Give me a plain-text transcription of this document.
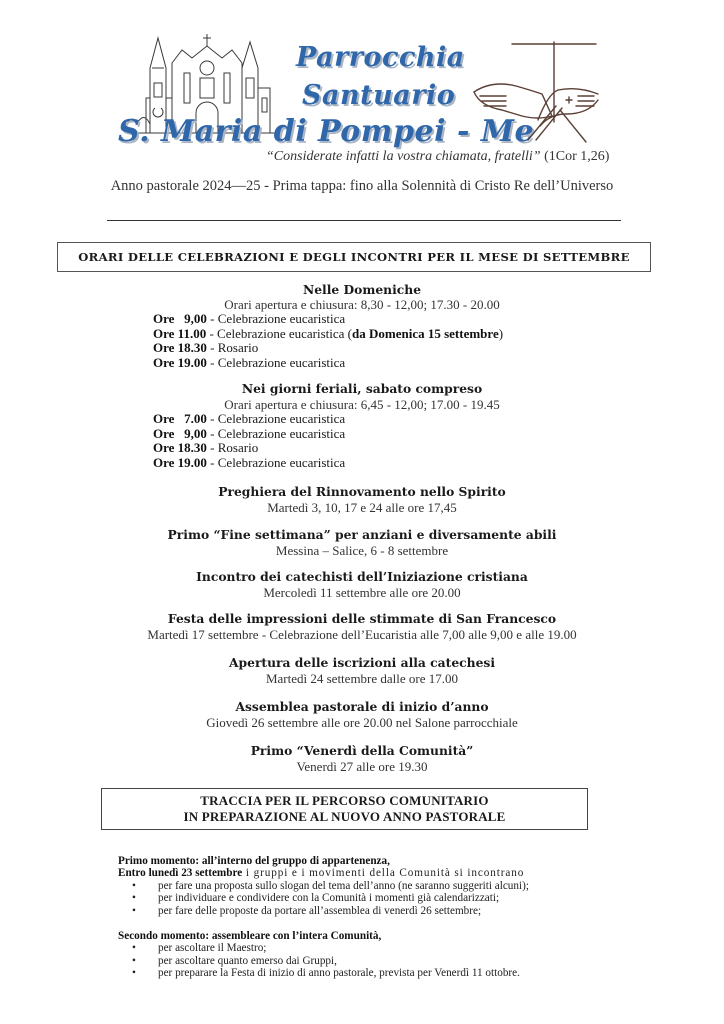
Parrocchia
Santuario
S. Maria di Pompei - Me
“Considerate infatti la vostra chiamata, fratelli” (1Cor 1,26)
Anno pastorale 2024—25 - Prima tappa: fino alla Solennità di Cristo Re dell’Universo
ORARI DELLE CELEBRAZIONI E DEGLI INCONTRI PER IL MESE DI SETTEMBRE
Nelle Domeniche
Orari apertura e chiusura: 8,30 - 12,00; 17.30 - 20.00
Ore   9,00 - Celebrazione eucaristica
Ore 11.00 - Celebrazione eucaristica (da Domenica 15 settembre)
Ore 18.30 - Rosario
Ore 19.00 - Celebrazione eucaristica
Nei giorni feriali, sabato compreso
Orari apertura e chiusura: 6,45 - 12,00; 17.00 - 19.45
Ore   7.00 - Celebrazione eucaristica
Ore   9,00 - Celebrazione eucaristica
Ore 18.30 - Rosario
Ore 19.00 - Celebrazione eucaristica
Preghiera del Rinnovamento nello Spirito
Martedì 3, 10, 17 e 24 alle ore 17,45
Primo “Fine settimana” per anziani e diversamente abili
Messina – Salice, 6 - 8 settembre
Incontro dei catechisti dell’Iniziazione cristiana
Mercoledì 11 settembre alle ore 20.00
Festa delle impressioni delle stimmate di San Francesco
Martedì 17 settembre - Celebrazione dell’Eucaristia alle 7,00 alle 9,00 e alle 19.00
Apertura delle iscrizioni alla catechesi
Martedì 24 settembre dalle ore 17.00
Assemblea pastorale di inizio d’anno
Giovedì 26 settembre alle ore 20.00 nel Salone parrocchiale
Primo “Venerdì della Comunità”
Venerdì 27 alle ore 19.30
TRACCIA PER IL PERCORSO COMUNITARIO
IN PREPARAZIONE AL NUOVO ANNO PASTORALE
Primo momento: all’interno del gruppo di appartenenza,
Entro lunedì 23 settembre i gruppi e i movimenti della Comunità si incontrano
• per fare una proposta sullo slogan del tema dell’anno (ne saranno suggeriti alcuni);
• per individuare e condividere con la Comunità i momenti già calendarizzati;
• per fare delle proposte da portare all’assemblea di venerdì 26 settembre;
Secondo momento: assembleare con l’intera Comunità,
• per ascoltare il Maestro;
• per ascoltare quanto emerso dai Gruppi,
• per preparare la Festa di inizio di anno pastorale, prevista per Venerdì 11 ottobre.
